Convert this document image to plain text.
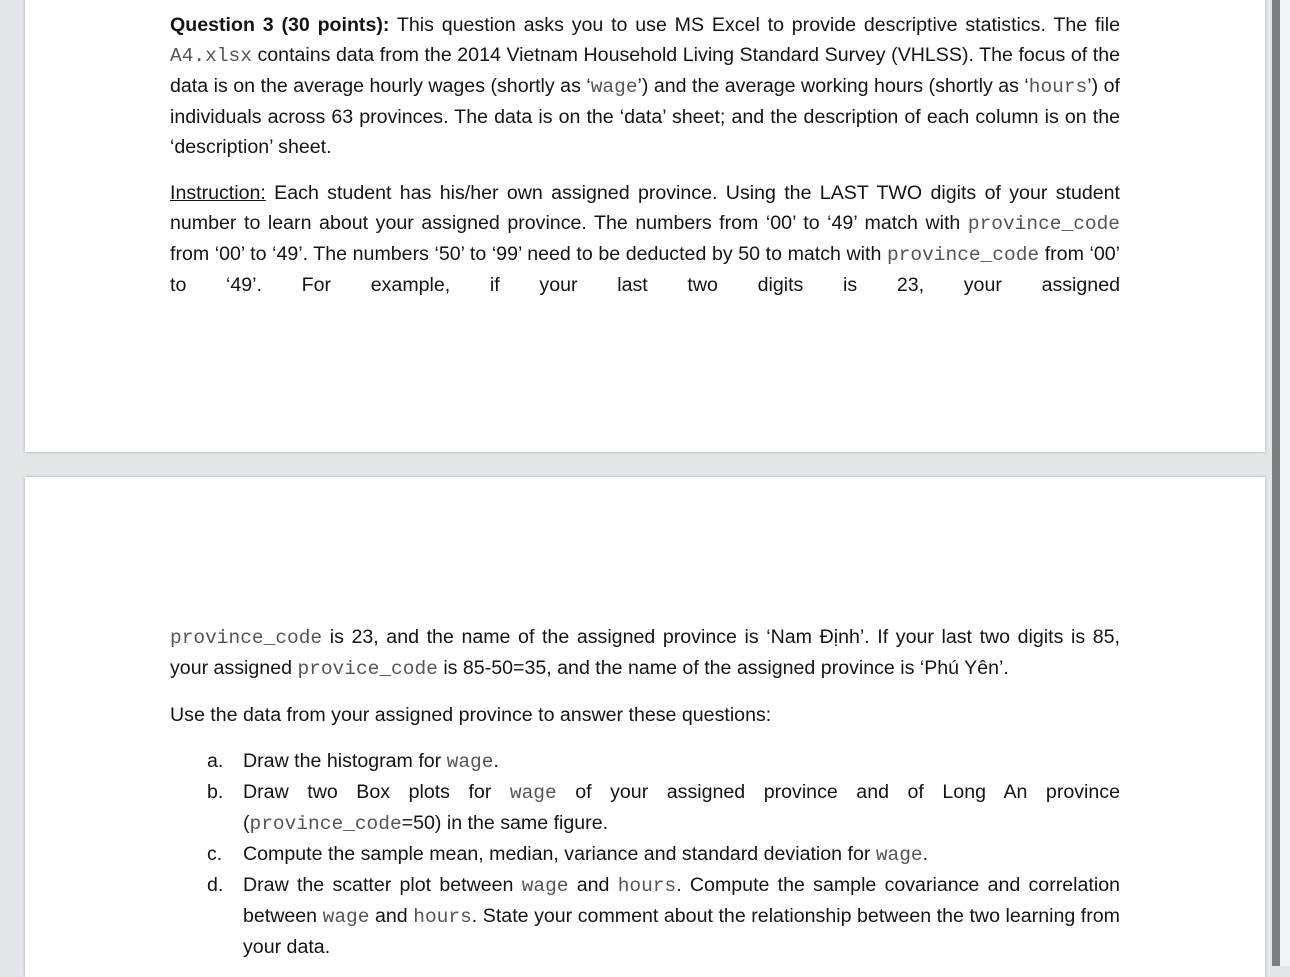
Question 3 (30 points): This question asks you to use MS Excel to provide descriptive statistics. The file A4.xlsx contains data from the 2014 Vietnam Household Living Standard Survey (VHLSS). The focus of the data is on the average hourly wages (shortly as ‘wage’) and the average working hours (shortly as ‘hours’) of individuals across 63 provinces. The data is on the ‘data’ sheet; and the description of each column is on the ‘description’ sheet.

Instruction: Each student has his/her own assigned province. Using the LAST TWO digits of your student number to learn about your assigned province. The numbers from ‘00’ to ‘49’ match with province_code from ‘00’ to ‘49’. The numbers ‘50’ to ‘99’ need to be deducted by 50 to match with province_code from ‘00’ to ‘49’. For example, if your last two digits is 23, your assigned

province_code is 23, and the name of the assigned province is ‘Nam Định’. If your last two digits is 85, your assigned provice_code is 85-50=35, and the name of the assigned province is ‘Phú Yên’.

Use the data from your assigned province to answer these questions:

a. Draw the histogram for wage.
b. Draw two Box plots for wage of your assigned province and of Long An province (province_code=50) in the same figure.
c. Compute the sample mean, median, variance and standard deviation for wage.
d. Draw the scatter plot between wage and hours. Compute the sample covariance and correlation between wage and hours. State your comment about the relationship between the two learning from your data.
